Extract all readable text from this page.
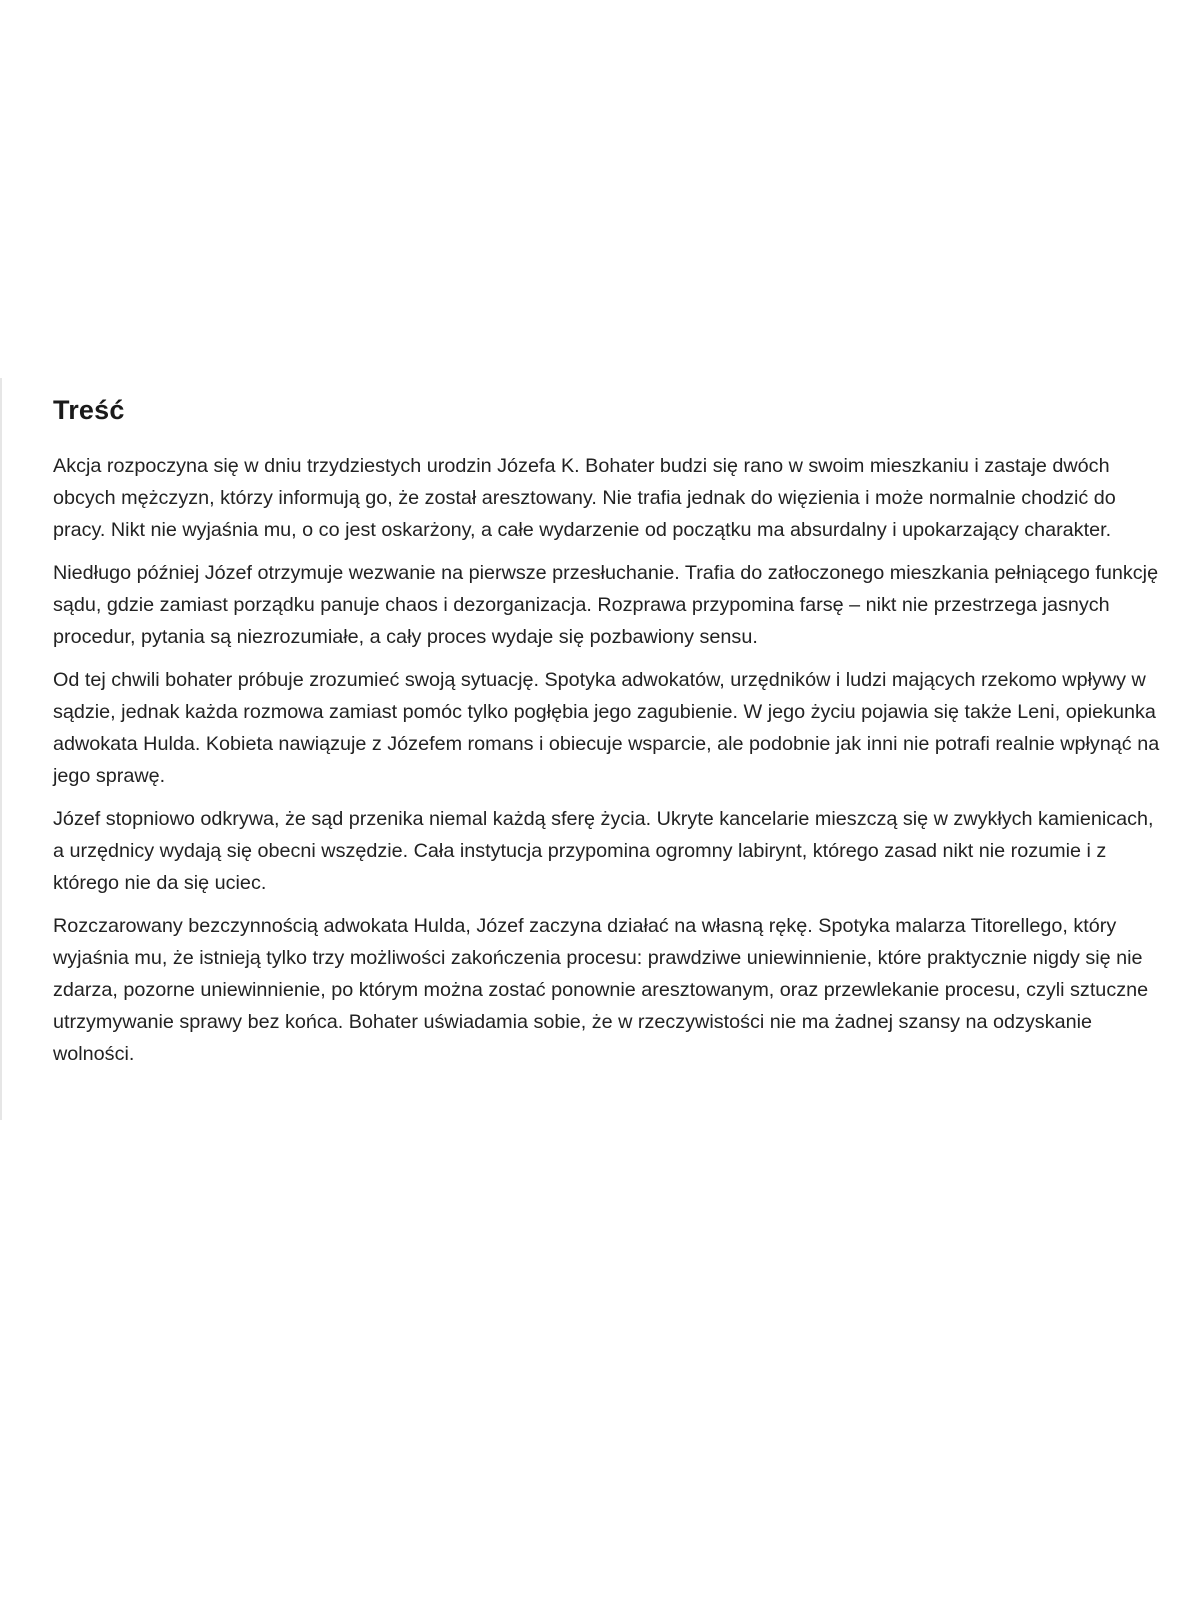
Treść

Akcja rozpoczyna się w dniu trzydziestych urodzin Józefa K. Bohater budzi się rano w swoim mieszkaniu i zastaje dwóch obcych mężczyzn, którzy informują go, że został aresztowany. Nie trafia jednak do więzienia i może normalnie chodzić do pracy. Nikt nie wyjaśnia mu, o co jest oskarżony, a całe wydarzenie od początku ma absurdalny i upokarzający charakter.

Niedługo później Józef otrzymuje wezwanie na pierwsze przesłuchanie. Trafia do zatłoczonego mieszkania pełniącego funkcję sądu, gdzie zamiast porządku panuje chaos i dezorganizacja. Rozprawa przypomina farsę – nikt nie przestrzega jasnych procedur, pytania są niezrozumiałe, a cały proces wydaje się pozbawiony sensu.

Od tej chwili bohater próbuje zrozumieć swoją sytuację. Spotyka adwokatów, urzędników i ludzi mających rzekomo wpływy w sądzie, jednak każda rozmowa zamiast pomóc tylko pogłębia jego zagubienie. W jego życiu pojawia się także Leni, opiekunka adwokata Hulda. Kobieta nawiązuje z Józefem romans i obiecuje wsparcie, ale podobnie jak inni nie potrafi realnie wpłynąć na jego sprawę.

Józef stopniowo odkrywa, że sąd przenika niemal każdą sferę życia. Ukryte kancelarie mieszczą się w zwykłych kamienicach, a urzędnicy wydają się obecni wszędzie. Cała instytucja przypomina ogromny labirynt, którego zasad nikt nie rozumie i z którego nie da się uciec.

Rozczarowany bezczynnością adwokata Hulda, Józef zaczyna działać na własną rękę. Spotyka malarza Titorellego, który wyjaśnia mu, że istnieją tylko trzy możliwości zakończenia procesu: prawdziwe uniewinnienie, które praktycznie nigdy się nie zdarza, pozorne uniewinnienie, po którym można zostać ponownie aresztowanym, oraz przewlekanie procesu, czyli sztuczne utrzymywanie sprawy bez końca. Bohater uświadamia sobie, że w rzeczywistości nie ma żadnej szansy na odzyskanie wolności.
